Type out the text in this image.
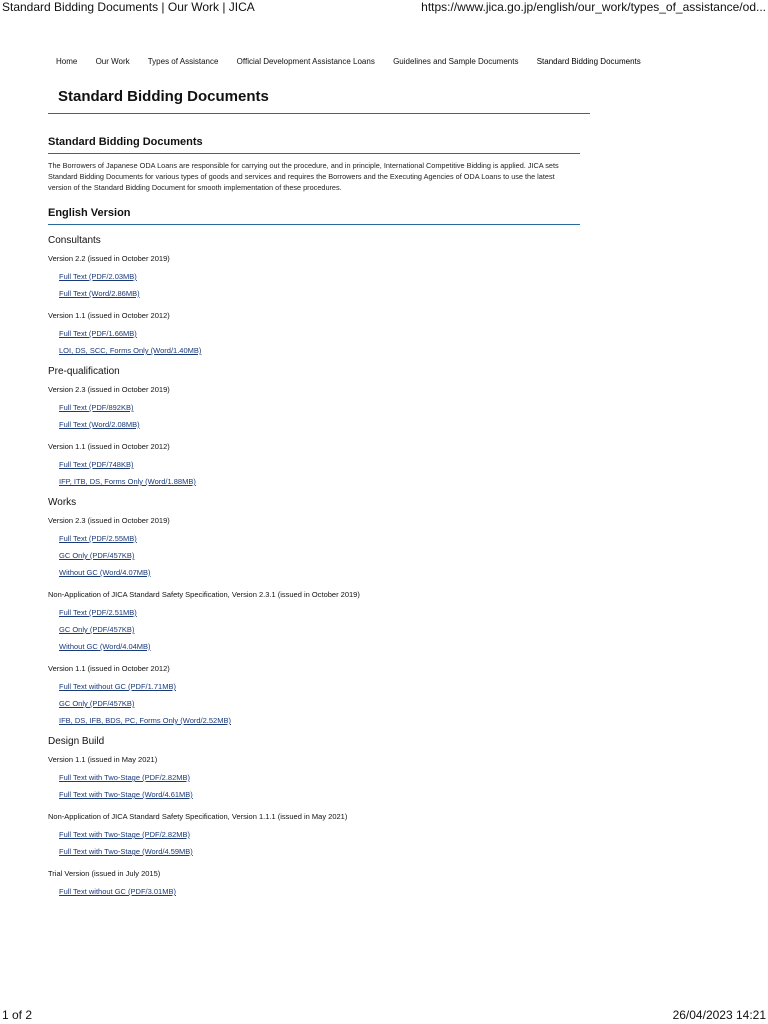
Standard Bidding Documents | Our Work | JICA	https://www.jica.go.jp/english/our_work/types_of_assistance/od...
Home Our Work Types of Assistance Official Development Assistance Loans Guidelines and Sample Documents Standard Bidding Documents
Standard Bidding Documents
Standard Bidding Documents
The Borrowers of Japanese ODA Loans are responsible for carrying out the procedure, and in principle, International Competitive Bidding is applied. JICA sets Standard Bidding Documents for various types of goods and services and requires the Borrowers and the Executing Agencies of ODA Loans to use the latest version of the Standard Bidding Document for smooth implementation of these procedures.
English Version
Consultants
Version 2.2 (issued in October 2019)
Full Text (PDF/2.03MB)
Full Text (Word/2.86MB)
Version 1.1 (issued in October 2012)
Full Text (PDF/1.66MB)
LOI, DS, SCC, Forms Only (Word/1.40MB)
Pre-qualification
Version 2.3 (issued in October 2019)
Full Text (PDF/892KB)
Full Text (Word/2.08MB)
Version 1.1 (issued in October 2012)
Full Text (PDF/748KB)
IFP, ITB, DS, Forms Only (Word/1.88MB)
Works
Version 2.3 (issued in October 2019)
Full Text (PDF/2.55MB)
GC Only (PDF/457KB)
Without GC (Word/4.07MB)
Non-Application of JICA Standard Safety Specification, Version 2.3.1 (issued in October 2019)
Full Text (PDF/2.51MB)
GC Only (PDF/457KB)
Without GC (Word/4.04MB)
Version 1.1 (issued in October 2012)
Full Text without GC (PDF/1.71MB)
GC Only (PDF/457KB)
IFB, DS, IFB, BDS, PC, Forms Only (Word/2.52MB)
Design Build
Version 1.1 (issued in May 2021)
Full Text with Two-Stage (PDF/2.82MB)
Full Text with Two-Stage (Word/4.61MB)
Non-Application of JICA Standard Safety Specification, Version 1.1.1 (issued in May 2021)
Full Text with Two-Stage (PDF/2.82MB)
Full Text with Two-Stage (Word/4.59MB)
Trial Version (issued in July 2015)
Full Text without GC (PDF/3.01MB)
1 of 2	26/04/2023 14:21
